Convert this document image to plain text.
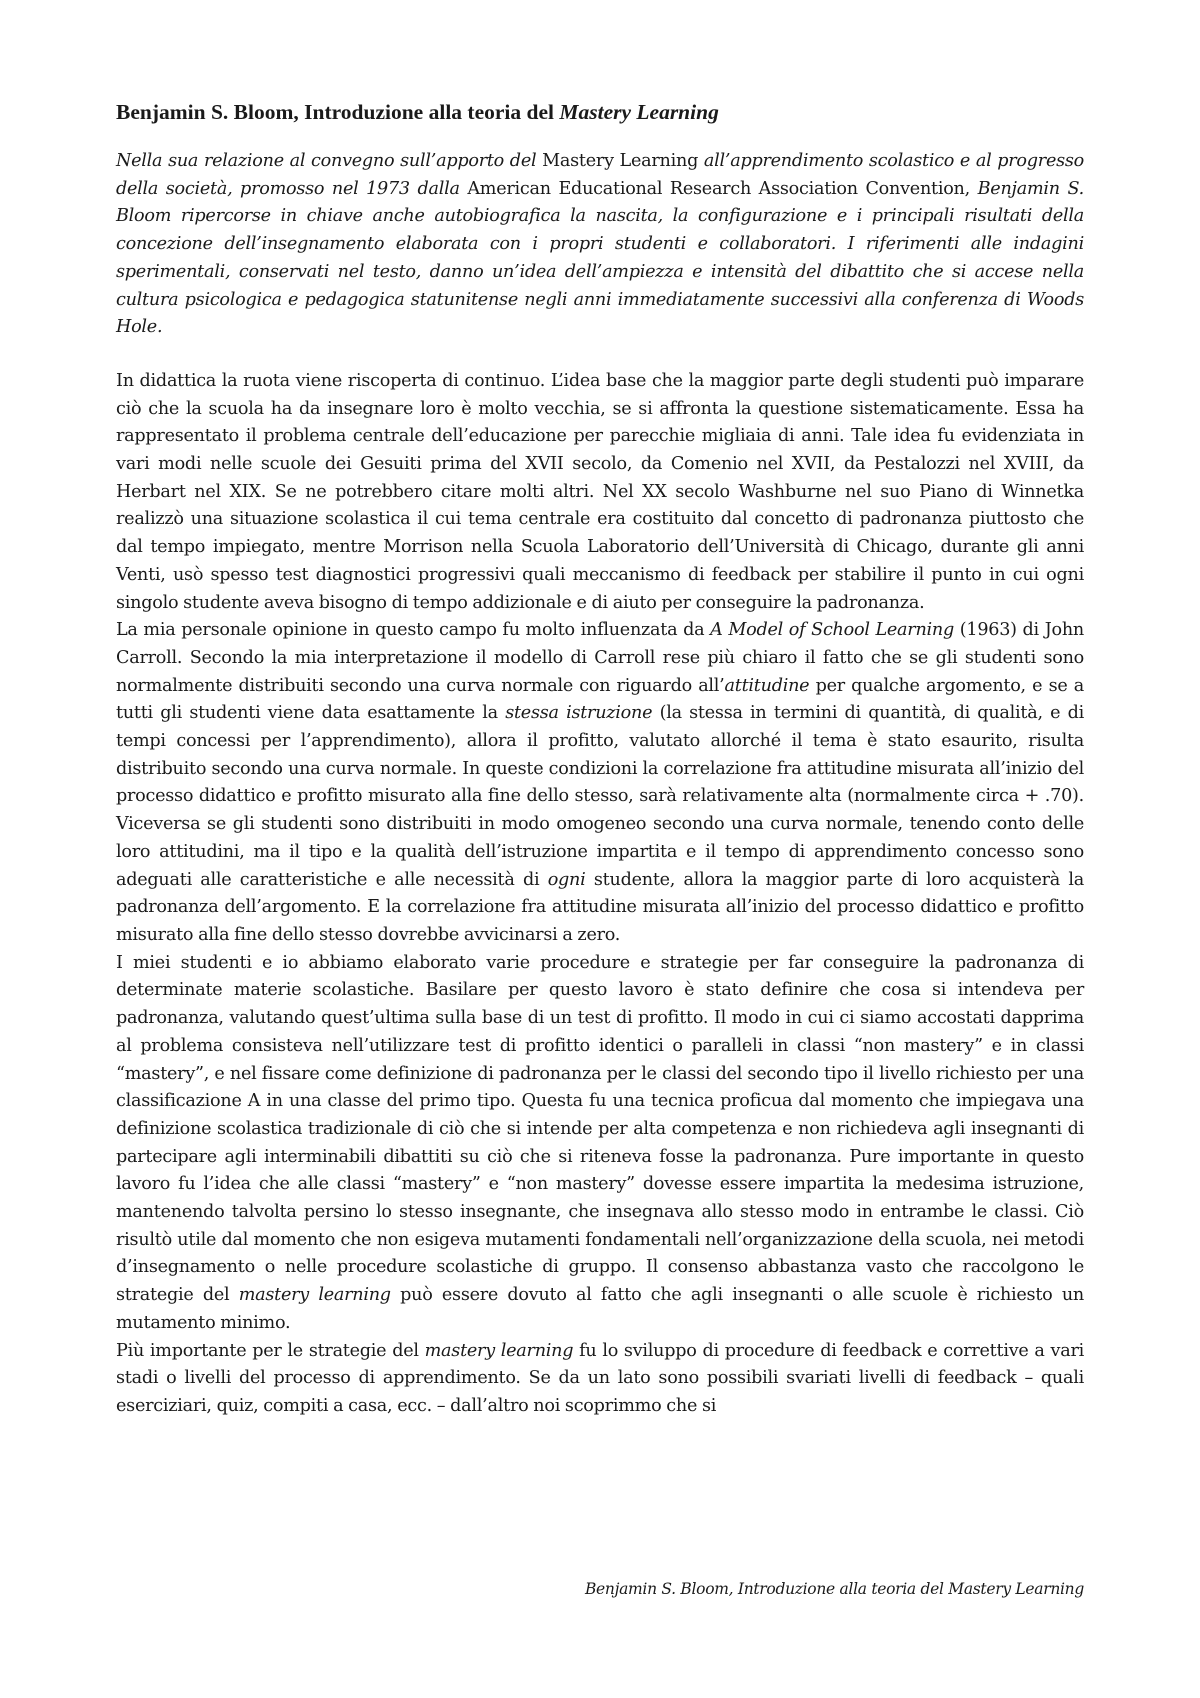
Benjamin S. Bloom, Introduzione alla teoria del Mastery Learning

Nella sua relazione al convegno sull’apporto del Mastery Learning all’apprendimento scolastico e al progresso della società, promosso nel 1973 dalla American Educational Research Association Convention, Benjamin S. Bloom ripercorse in chiave anche autobiografica la nascita, la configurazione e i principali risultati della concezione dell’insegnamento elaborata con i propri studenti e collaboratori. I riferimenti alle indagini sperimentali, conservati nel testo, danno un’idea dell’ampiezza e intensità del dibattito che si accese nella cultura psicologica e pedagogica statunitense negli anni immediatamente successivi alla conferenza di Woods Hole.

In didattica la ruota viene riscoperta di continuo. L’idea base che la maggior parte degli studenti può imparare ciò che la scuola ha da insegnare loro è molto vecchia, se si affronta la questione sistematicamente. Essa ha rappresentato il problema centrale dell’educazione per parecchie migliaia di anni. Tale idea fu evidenziata in vari modi nelle scuole dei Gesuiti prima del XVII secolo, da Comenio nel XVII, da Pestalozzi nel XVIII, da Herbart nel XIX. Se ne potrebbero citare molti altri. Nel XX secolo Washburne nel suo Piano di Winnetka realizzò una situazione scolastica il cui tema centrale era costituito dal concetto di padronanza piuttosto che dal tempo impiegato, mentre Morrison nella Scuola Laboratorio dell’Università di Chicago, durante gli anni Venti, usò spesso test diagnostici progressivi quali meccanismo di feedback per stabilire il punto in cui ogni singolo studente aveva bisogno di tempo addizionale e di aiuto per conseguire la padronanza.

La mia personale opinione in questo campo fu molto influenzata da A Model of School Learning (1963) di John Carroll. Secondo la mia interpretazione il modello di Carroll rese più chiaro il fatto che se gli studenti sono normalmente distribuiti secondo una curva normale con riguardo all’attitudine per qualche argomento, e se a tutti gli studenti viene data esattamente la stessa istruzione (la stessa in termini di quantità, di qualità, e di tempi concessi per l’apprendimento), allora il profitto, valutato allorché il tema è stato esaurito, risulta distribuito secondo una curva normale. In queste condizioni la correlazione fra attitudine misurata all’inizio del processo didattico e profitto misurato alla fine dello stesso, sarà relativamente alta (normalmente circa + .70). Viceversa se gli studenti sono distribuiti in modo omogeneo secondo una curva normale, tenendo conto delle loro attitudini, ma il tipo e la qualità dell’istruzione impartita e il tempo di apprendimento concesso sono adeguati alle caratteristiche e alle necessità di ogni studente, allora la maggior parte di loro acquisterà la padronanza dell’argomento. E la correlazione fra attitudine misurata all’inizio del processo didattico e profitto misurato alla fine dello stesso dovrebbe avvicinarsi a zero.

I miei studenti e io abbiamo elaborato varie procedure e strategie per far conseguire la padronanza di determinate materie scolastiche. Basilare per questo lavoro è stato definire che cosa si intendeva per padronanza, valutando quest’ultima sulla base di un test di profitto. Il modo in cui ci siamo accostati dapprima al problema consisteva nell’utilizzare test di profitto identici o paralleli in classi “non mastery” e in classi “mastery”, e nel fissare come definizione di padronanza per le classi del secondo tipo il livello richiesto per una classificazione A in una classe del primo tipo. Questa fu una tecnica proficua dal momento che impiegava una definizione scolastica tradizionale di ciò che si intende per alta competenza e non richiedeva agli insegnanti di partecipare agli interminabili dibattiti su ciò che si riteneva fosse la padronanza. Pure importante in questo lavoro fu l’idea che alle classi “mastery” e “non mastery” dovesse essere impartita la medesima istruzione, mantenendo talvolta persino lo stesso insegnante, che insegnava allo stesso modo in entrambe le classi. Ciò risultò utile dal momento che non esigeva mutamenti fondamentali nell’organizzazione della scuola, nei metodi d’insegnamento o nelle procedure scolastiche di gruppo. Il consenso abbastanza vasto che raccolgono le strategie del mastery learning può essere dovuto al fatto che agli insegnanti o alle scuole è richiesto un mutamento minimo.

Più importante per le strategie del mastery learning fu lo sviluppo di procedure di feedback e correttive a vari stadi o livelli del processo di apprendimento. Se da un lato sono possibili svariati livelli di feedback – quali eserciziari, quiz, compiti a casa, ecc. – dall’altro noi scoprimmo che si

Benjamin S. Bloom, Introduzione alla teoria del Mastery Learning
